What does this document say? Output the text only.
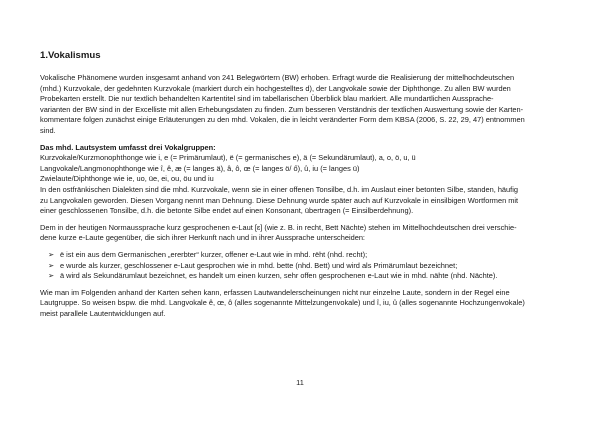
1.Vokalismus

Vokalische Phänomene wurden insgesamt anhand von 241 Belegwörtern (BW) erhoben. Erfragt wurde die Realisierung der mittelhochdeutschen

(mhd.) Kurzvokale, der gedehnten Kurzvokale (markiert durch ein hochgestelltes d), der Langvokale sowie der Diphthonge. Zu allen BW wurden

Probekarten erstellt. Die nur textlich behandelten Kartentitel sind im tabellarischen Überblick blau markiert. Alle mundartlichen Aussprache-

varianten der BW sind in der Excelliste mit allen Erhebungsdaten zu finden. Zum besseren Verständnis der textlichen Auswertung sowie der Karten-

kommentare folgen zunächst einige Erläuterungen zu den mhd. Vokalen, die in leicht veränderter Form dem KBSA (2006, S. 22, 29, 47) entnommen

sind.

Das mhd. Lautsystem umfasst drei Vokalgruppen:

Kurzvokale/Kurzmonophthonge wie i, e (= Primärumlaut), ë (= germanisches e), ä (= Sekundärumlaut), a, o, ö, u, ü

Langvokale/Langmonophthonge wie î, ê, æ (= langes ä), â, ô, œ (= langes ö/ ő), û, iu (= langes ü)

Zwielaute/Diphthonge wie ie, uo, üe, ei, ou, öu und iu

In den ostfränkischen Dialekten sind die mhd. Kurzvokale, wenn sie in einer offenen Tonsilbe, d.h. im Auslaut einer betonten Silbe, standen, häufig

zu Langvokalen geworden. Diesen Vorgang nennt man Dehnung. Diese Dehnung wurde später auch auf Kurzvokale in einsilbigen Wortformen mit

einer geschlossenen Tonsilbe, d.h. die betonte Silbe endet auf einen Konsonant, übertragen (= Einsilberdehnung).

Dem in der heutigen Normaussprache kurz gesprochenen e-Laut [ɛ] (wie z. B. in recht, Bett Nächte) stehen im Mittelhochdeutschen drei verschie-

dene kurze e-Laute gegenüber, die sich ihrer Herkunft nach und in ihrer Aussprache unterscheiden:

➢ ë ist ein aus dem Germanischen „ererbter“ kurzer, offener e-Laut wie in mhd. rëht (nhd. recht);
➢ e wurde als kurzer, geschlossener e-Laut gesprochen wie in mhd. bette (nhd. Bett) und wird als Primärumlaut bezeichnet;
➢ ä wird als Sekundärumlaut bezeichnet, es handelt um einen kurzen, sehr offen gesprochenen e-Laut wie in mhd. nähte (nhd. Nächte).

Wie man im Folgenden anhand der Karten sehen kann, erfassen Lautwandelerscheinungen nicht nur einzelne Laute, sondern in der Regel eine

Lautgruppe. So weisen bspw. die mhd. Langvokale ê, œ, ô (alles sogenannte Mittelzungenvokale) und î, iu, û (alles sogenannte Hochzungenvokale)

meist parallele Lautentwicklungen auf.

11
